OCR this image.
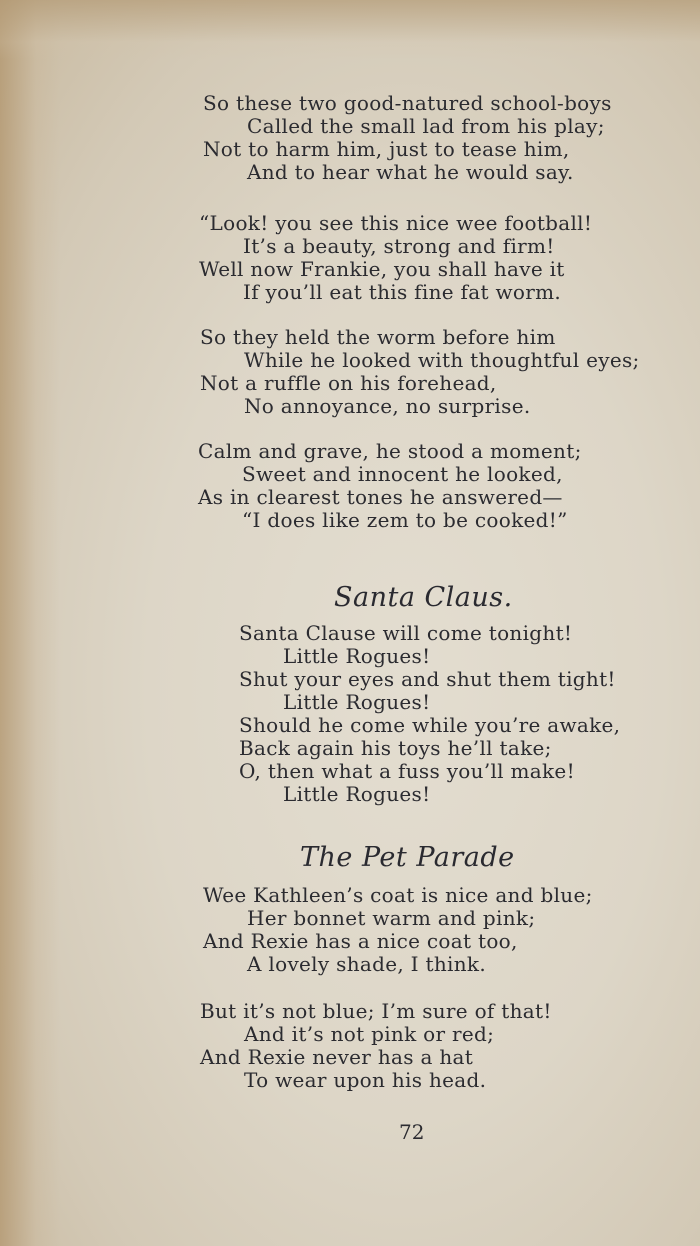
So these two good-natured school-boys
Called the small lad from his play;
Not to harm him, just to tease him,
And to hear what he would say.
“Look! you see this nice wee football!
It’s a beauty, strong and firm!
Well now Frankie, you shall have it
If you’ll eat this fine fat worm.
So they held the worm before him
While he looked with thoughtful eyes;
Not a ruffle on his forehead,
No annoyance, no surprise.
Calm and grave, he stood a moment;
Sweet and innocent he looked,
As in clearest tones he answered—
“I does like zem to be cooked!”
Santa Claus.
Santa Clause will come tonight!
Little Rogues!
Shut your eyes and shut them tight!
Little Rogues!
Should he come while you’re awake,
Back again his toys he’ll take;
O, then what a fuss you’ll make!
Little Rogues!
The Pet Parade
Wee Kathleen’s coat is nice and blue;
Her bonnet warm and pink;
And Rexie has a nice coat too,
A lovely shade, I think.
But it’s not blue; I’m sure of that!
And it’s not pink or red;
And Rexie never has a hat
To wear upon his head.
72
